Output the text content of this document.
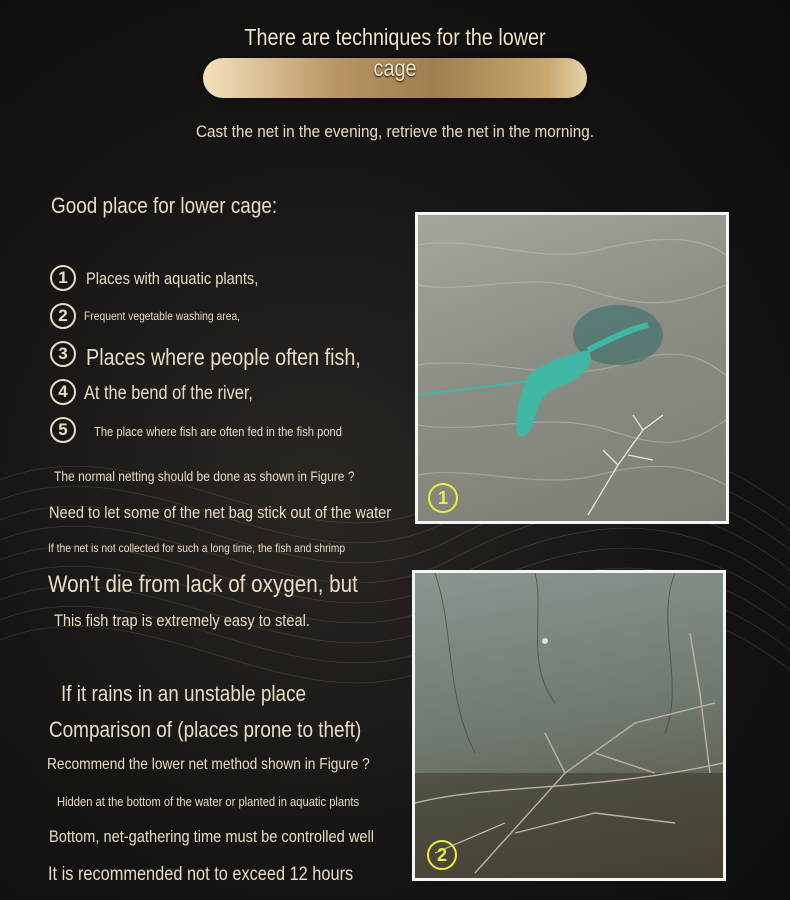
There are techniques for the lower cage
Cast the net in the evening, retrieve the net in the morning.
Good place for lower cage:
1	Places with aquatic plants,
2	Frequent vegetable washing area,
3 Places where people often fish,
4 At the bend of the river,
5	The place where fish are often fed in the fish pond
The normal netting should be done as shown in Figure ?
Need to let some of the net bag stick out of the water
If the net is not collected for such a long time, the fish and shrimp
Won't die from lack of oxygen, but
This fish trap is extremely easy to steal.
If it rains in an unstable place
Comparison of (places prone to theft)
Recommend the lower net method shown in Figure ?
Hidden at the bottom of the water or planted in aquatic plants
Bottom, net-gathering time must be controlled well
It is recommended not to exceed 12 hours
1
2
